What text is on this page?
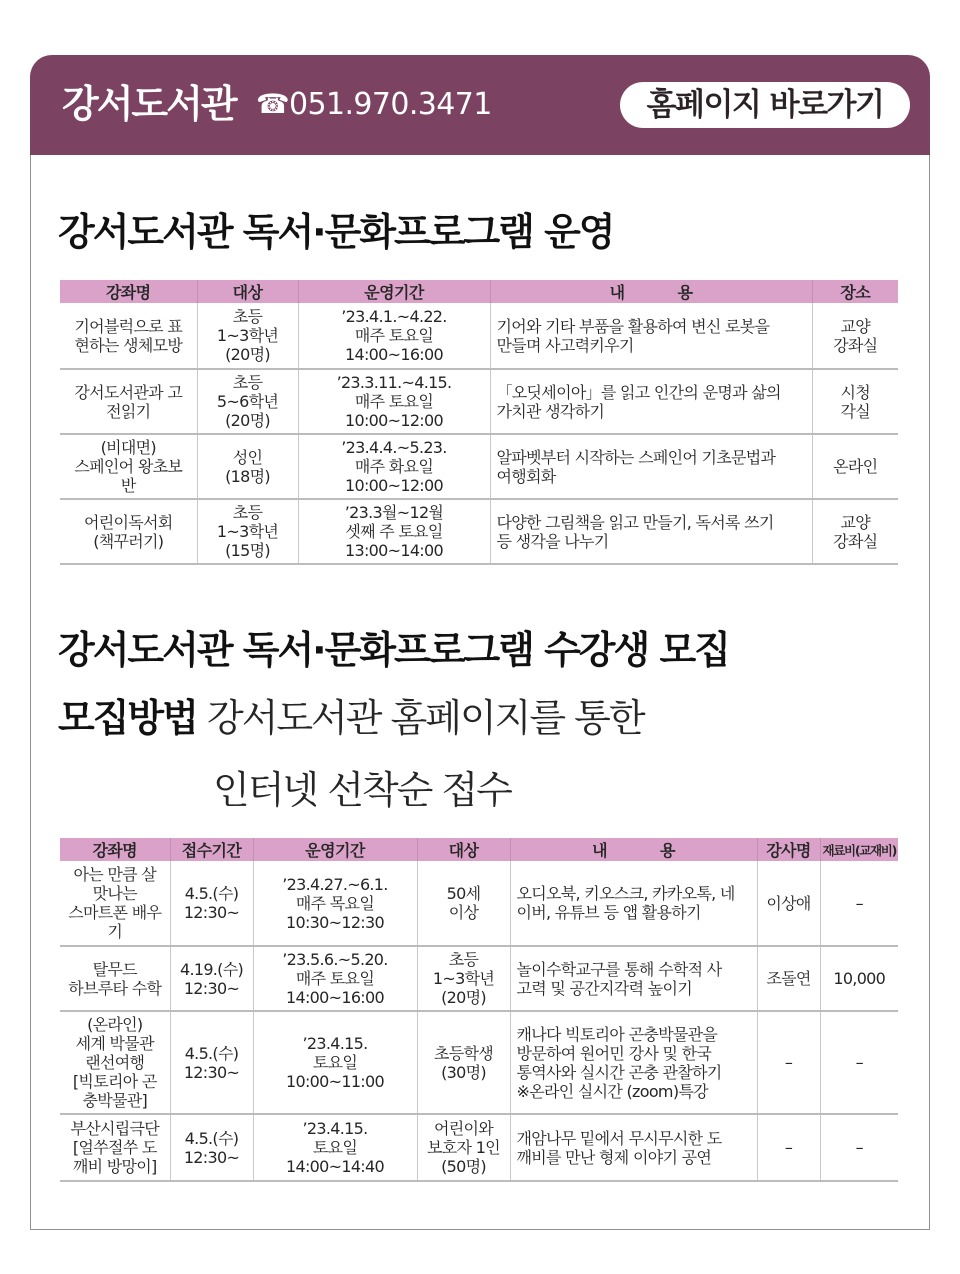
강서도서관 ☎ 051.970.3471	홈페이지 바로가기
강서도서관 독서·문화프로그램 운영
강좌명	대상	운영기간	내 용	장소
기어블럭으로 표
현하는 생체모방	초등
1~3학년
(20명)	’23.4.1.~4.22.
매주 토요일
14:00~16:00	기어와 기타 부품을 활용하여 변신 로봇을
만들며 사고력키우기	교양
강좌실
강서도서관과 고
전읽기	초등
5~6학년
(20명)	’23.3.11.~4.15.
매주 토요일
10:00~12:00	「오딧세이아」를 읽고 인간의 운명과 삶의
가치관 생각하기	시청
각실
(비대면)
스페인어 왕초보
반	성인
(18명)	’23.4.4.~5.23.
매주 화요일
10:00~12:00	알파벳부터 시작하는 스페인어 기초문법과
여행회화	온라인
어린이독서회
(책꾸러기)	초등
1~3학년
(15명)	’23.3월~12월
셋째 주 토요일
13:00~14:00	다양한 그림책을 읽고 만들기, 독서록 쓰기
등 생각을 나누기	교양
강좌실
강서도서관 독서·문화프로그램 수강생 모집
모집방법 강서도서관 홈페이지를 통한
인터넷 선착순 접수
강좌명	접수기간	운영기간	대상	내 용	강사명	재료비(교재비)
아는 만큼 살
맛나는
스마트폰 배우
기	4.5.(수)
12:30~	’23.4.27.~6.1.
매주 목요일
10:30~12:30	50세
이상	오디오북, 키오스크, 카카오톡, 네
이버, 유튜브 등 앱 활용하기	이상애	–
탈무드
하브루타 수학	4.19.(수)
12:30~	’23.5.6.~5.20.
매주 토요일
14:00~16:00	초등
1~3학년
(20명)	놀이수학교구를 통해 수학적 사
고력 및 공간지각력 높이기	조돌연	10,000
(온라인)
세계 박물관
랜선여행
[빅토리아 곤
충박물관]	4.5.(수)
12:30~	’23.4.15.
토요일
10:00~11:00	초등학생
(30명)	캐나다 빅토리아 곤충박물관을
방문하여 원어민 강사 및 한국
통역사와 실시간 곤충 관찰하기
※온라인 실시간 (zoom)특강	–	–
부산시립극단
[얼쑤절쑤 도
깨비 방망이]	4.5.(수)
12:30~	’23.4.15.
토요일
14:00~14:40	어린이와
보호자 1인
(50명)	개암나무 밑에서 무시무시한 도
깨비를 만난 형제 이야기 공연	–	–
